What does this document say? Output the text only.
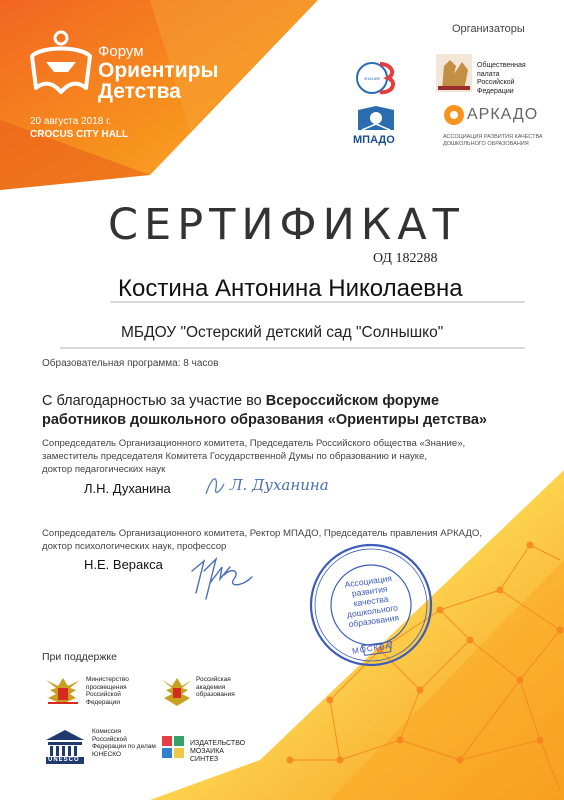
Форум
Ориентиры
Детства
20 августа 2018 г.
CROCUS CITY HALL
Организаторы
ЗНАНИЕ
Общественная палата Российской Федерации
МПАДО
АРКАДО
АССОЦИАЦИЯ РАЗВИТИЯ КАЧЕСТВА ДОШКОЛЬНОГО ОБРАЗОВАНИЯ
СЕРТИФИКАТ
ОД 182288
Костина Антонина Николаевна
МБДОУ "Остерский детский сад "Солнышко"
Образовательная программа: 8 часов
С благодарностью за участие во Всероссийском форуме
работников дошкольного образования «Ориентиры детства»
Сопредседатель Организационного комитета, Председатель Российского общества «Знание»,
заместитель председателя Комитета Государственной Думы по образованию и науке,
доктор педагогических наук
Л.Н. Духанина	Л. Духанина
Сопредседатель Организационного комитета, Ректор МПАДО, Председатель правления АРКАДО,
доктор психологических наук, профессор
Н.Е. Веракса
Ассоциация развития качества дошкольного образования
МОСКВА
При поддержке
Министерство просвещения Российской Федерации
Российская академия образования
UNESCO
Комиссия Российской Федерации по делам ЮНЕСКО
ИЗДАТЕЛЬСТВО МОЗАИКА СИНТЕЗ
